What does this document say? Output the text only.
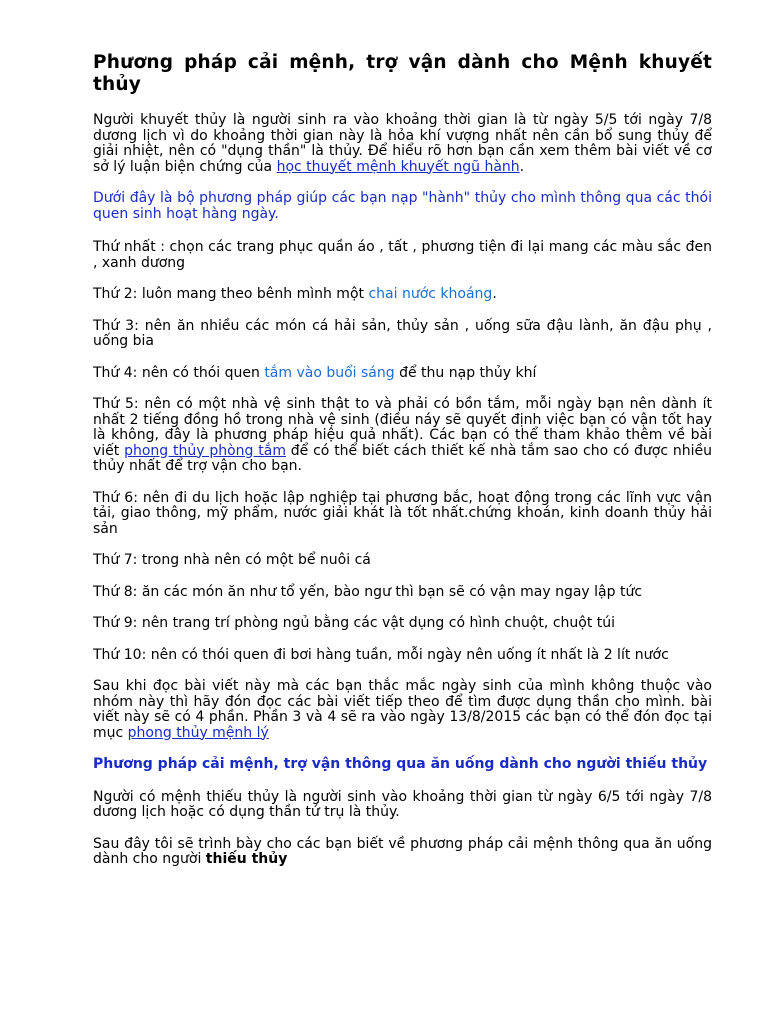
Phương pháp cải mệnh, trợ vận dành cho Mệnh khuyết thủy

Người khuyết thủy là người sinh ra vào khoảng thời gian là từ ngày 5/5 tới ngày 7/8 dương lịch vì do khoảng thời gian này là hỏa khí vượng nhất nên cần bổ sung thủy để giải nhiệt, nên có "dụng thần" là thủy. Để hiểu rõ hơn bạn cần xem thêm bài viết về cơ sở lý luận biện chứng của học thuyết mệnh khuyết ngũ hành.

Dưới đây là bộ phương pháp giúp các bạn nạp "hành" thủy cho mình thông qua các thói quen sinh hoạt hàng ngày.

Thứ nhất : chọn các trang phục quần áo , tất , phương tiện đi lại mang các màu sắc đen , xanh dương

Thứ 2: luôn mang theo bênh mình một chai nước khoáng.

Thứ 3: nên ăn nhiều các món cá hải sản, thủy sản , uống sữa đậu lành, ăn đậu phụ , uống bia

Thứ 4: nên có thói quen tắm vào buổi sáng để thu nạp thủy khí

Thứ 5: nên có một nhà vệ sinh thật to và phải có bồn tắm, mỗi ngày bạn nên dành ít nhất 2 tiếng đồng hồ trong nhà vệ sinh (điều náy sẽ quyết định việc bạn có vận tốt hay là không, đây là phương pháp hiệu quả nhất). Các bạn có thể tham khảo thêm về bài viết phong thủy phòng tắm để có thể biết cách thiết kế nhà tắm sao cho có được nhiều thủy nhất để trợ vận cho bạn.

Thứ 6: nên đi du lịch hoặc lập nghiệp tại phương bắc, hoạt động trong các lĩnh vực vận tải, giao thông, mỹ phẩm, nước giải khát là tốt nhất.chứng khoán, kinh doanh thủy hải sản

Thứ 7: trong nhà nên có một bể nuôi cá

Thứ 8: ăn các món ăn như tổ yến, bào ngư thì bạn sẽ có vận may ngay lập tức

Thứ 9: nên trang trí phòng ngủ bằng các vật dụng có hình chuột, chuột túi

Thứ 10: nên có thói quen đi bơi hàng tuần, mỗi ngày nên uống ít nhất là 2 lít nước

Sau khi đọc bài viết này mà các bạn thắc mắc ngày sinh của mình không thuộc vào nhóm này thì hãy đón đọc các bài viết tiếp theo để tìm được dụng thần cho mình. bài viết này sẽ có 4 phần. Phần 3 và 4 sẽ ra vào ngày 13/8/2015 các bạn có thể đón đọc tại mục phong thủy mệnh lý

Phương pháp cải mệnh, trợ vận thông qua ăn uống dành cho người thiếu thủy

Người có mệnh thiếu thủy là người sinh vào khoảng thời gian từ ngày 6/5 tới ngày 7/8 dương lịch hoặc có dụng thần tứ trụ là thủy.

Sau đây tôi sẽ trình bày cho các bạn biết về phương pháp cải mệnh thông qua ăn uống dành cho người thiếu thủy
